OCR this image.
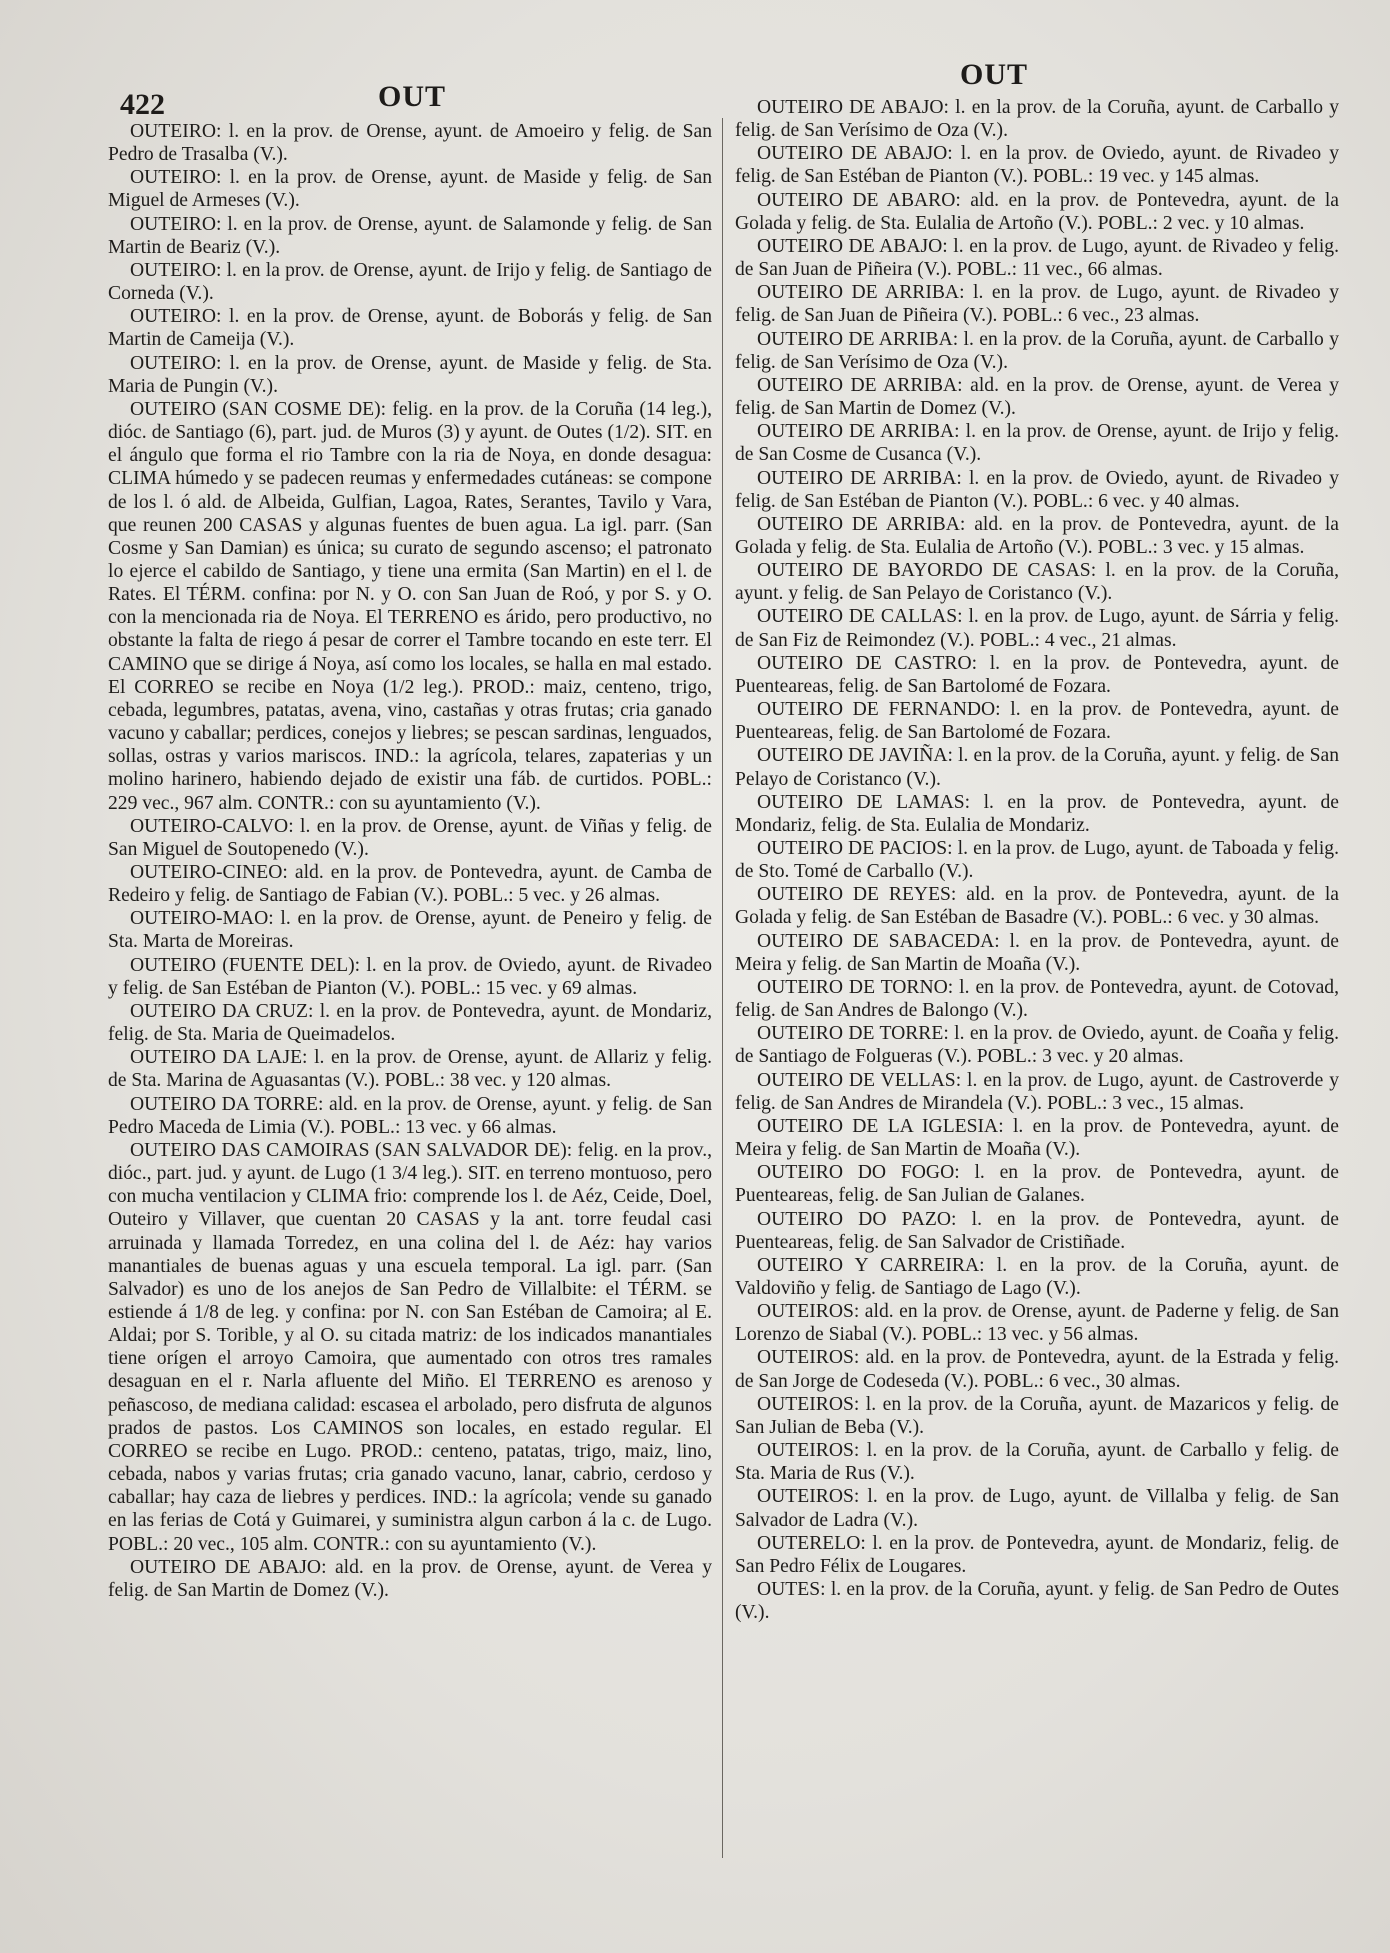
422	OUT
OUT

OUTEIRO: l. en la prov. de Orense, ayunt. de Amoeiro y felig. de San Pedro de Trasalba (V.).

OUTEIRO: l. en la prov. de Orense, ayunt. de Maside y felig. de San Miguel de Armeses (V.).

OUTEIRO: l. en la prov. de Orense, ayunt. de Salamonde y felig. de San Martin de Beariz (V.).

OUTEIRO: l. en la prov. de Orense, ayunt. de Irijo y felig. de Santiago de Corneda (V.).

OUTEIRO: l. en la prov. de Orense, ayunt. de Boborás y felig. de San Martin de Cameija (V.).

OUTEIRO: l. en la prov. de Orense, ayunt. de Maside y felig. de Sta. Maria de Pungin (V.).

OUTEIRO (SAN COSME DE): felig. en la prov. de la Coruña (14 leg.), dióc. de Santiago (6), part. jud. de Muros (3) y ayunt. de Outes (1/2). SIT. en el ángulo que forma el rio Tambre con la ria de Noya, en donde desagua: CLIMA húmedo y se padecen reumas y enfermedades cutáneas: se compone de los l. ó ald. de Albeida, Gulfian, Lagoa, Rates, Serantes, Tavilo y Vara, que reunen 200 CASAS y algunas fuentes de buen agua. La igl. parr. (San Cosme y San Damian) es única; su curato de segundo ascenso; el patronato lo ejerce el cabildo de Santiago, y tiene una ermita (San Martin) en el l. de Rates. El TÉRM. confina: por N. y O. con San Juan de Roó, y por S. y O. con la mencionada ria de Noya. El TERRENO es árido, pero productivo, no obstante la falta de riego á pesar de correr el Tambre tocando en este terr. El CAMINO que se dirige á Noya, así como los locales, se halla en mal estado. El CORREO se recibe en Noya (1/2 leg.). PROD.: maiz, centeno, trigo, cebada, legumbres, patatas, avena, vino, castañas y otras frutas; cria ganado vacuno y caballar; perdices, conejos y liebres; se pescan sardinas, lenguados, sollas, ostras y varios mariscos. IND.: la agrícola, telares, zapaterias y un molino harinero, habiendo dejado de existir una fáb. de curtidos. POBL.: 229 vec., 967 alm. CONTR.: con su ayuntamiento (V.).

OUTEIRO-CALVO: l. en la prov. de Orense, ayunt. de Viñas y felig. de San Miguel de Soutopenedo (V.).

OUTEIRO-CINEO: ald. en la prov. de Pontevedra, ayunt. de Camba de Redeiro y felig. de Santiago de Fabian (V.). POBL.: 5 vec. y 26 almas.

OUTEIRO-MAO: l. en la prov. de Orense, ayunt. de Peneiro y felig. de Sta. Marta de Moreiras.

OUTEIRO (FUENTE DEL): l. en la prov. de Oviedo, ayunt. de Rivadeo y felig. de San Estéban de Pianton (V.). POBL.: 15 vec. y 69 almas.

OUTEIRO DA CRUZ: l. en la prov. de Pontevedra, ayunt. de Mondariz, felig. de Sta. Maria de Queimadelos.

OUTEIRO DA LAJE: l. en la prov. de Orense, ayunt. de Allariz y felig. de Sta. Marina de Aguasantas (V.). POBL.: 38 vec. y 120 almas.

OUTEIRO DA TORRE: ald. en la prov. de Orense, ayunt. y felig. de San Pedro Maceda de Limia (V.). POBL.: 13 vec. y 66 almas.

OUTEIRO DAS CAMOIRAS (SAN SALVADOR DE): felig. en la prov., dióc., part. jud. y ayunt. de Lugo (1 3/4 leg.). SIT. en terreno montuoso, pero con mucha ventilacion y CLIMA frio: comprende los l. de Aéz, Ceide, Doel, Outeiro y Villaver, que cuentan 20 CASAS y la ant. torre feudal casi arruinada y llamada Torredez, en una colina del l. de Aéz: hay varios manantiales de buenas aguas y una escuela temporal. La igl. parr. (San Salvador) es uno de los anejos de San Pedro de Villalbite: el TÉRM. se estiende á 1/8 de leg. y confina: por N. con San Estéban de Camoira; al E. Aldai; por S. Torible, y al O. su citada matriz: de los indicados manantiales tiene orígen el arroyo Camoira, que aumentado con otros tres ramales desaguan en el r. Narla afluente del Miño. El TERRENO es arenoso y peñascoso, de mediana calidad: escasea el arbolado, pero disfruta de algunos prados de pastos. Los CAMINOS son locales, en estado regular. El CORREO se recibe en Lugo. PROD.: centeno, patatas, trigo, maiz, lino, cebada, nabos y varias frutas; cria ganado vacuno, lanar, cabrio, cerdoso y caballar; hay caza de liebres y perdices. IND.: la agrícola; vende su ganado en las ferias de Cotá y Guimarei, y suministra algun carbon á la c. de Lugo. POBL.: 20 vec., 105 alm. CONTR.: con su ayuntamiento (V.).

OUTEIRO DE ABAJO: ald. en la prov. de Orense, ayunt. de Verea y felig. de San Martin de Domez (V.).

OUTEIRO DE ABAJO: l. en la prov. de la Coruña, ayunt. de Carballo y felig. de San Verísimo de Oza (V.).

OUTEIRO DE ABAJO: l. en la prov. de Oviedo, ayunt. de Rivadeo y felig. de San Estéban de Pianton (V.). POBL.: 19 vec. y 145 almas.

OUTEIRO DE ABARO: ald. en la prov. de Pontevedra, ayunt. de la Golada y felig. de Sta. Eulalia de Artoño (V.). POBL.: 2 vec. y 10 almas.

OUTEIRO DE ABAJO: l. en la prov. de Lugo, ayunt. de Rivadeo y felig. de San Juan de Piñeira (V.). POBL.: 11 vec., 66 almas.

OUTEIRO DE ARRIBA: l. en la prov. de Lugo, ayunt. de Rivadeo y felig. de San Juan de Piñeira (V.). POBL.: 6 vec., 23 almas.

OUTEIRO DE ARRIBA: l. en la prov. de la Coruña, ayunt. de Carballo y felig. de San Verísimo de Oza (V.).

OUTEIRO DE ARRIBA: ald. en la prov. de Orense, ayunt. de Verea y felig. de San Martin de Domez (V.).

OUTEIRO DE ARRIBA: l. en la prov. de Orense, ayunt. de Irijo y felig. de San Cosme de Cusanca (V.).

OUTEIRO DE ARRIBA: l. en la prov. de Oviedo, ayunt. de Rivadeo y felig. de San Estéban de Pianton (V.). POBL.: 6 vec. y 40 almas.

OUTEIRO DE ARRIBA: ald. en la prov. de Pontevedra, ayunt. de la Golada y felig. de Sta. Eulalia de Artoño (V.). POBL.: 3 vec. y 15 almas.

OUTEIRO DE BAYORDO DE CASAS: l. en la prov. de la Coruña, ayunt. y felig. de San Pelayo de Coristanco (V.).

OUTEIRO DE CALLAS: l. en la prov. de Lugo, ayunt. de Sárria y felig. de San Fiz de Reimondez (V.). POBL.: 4 vec., 21 almas.

OUTEIRO DE CASTRO: l. en la prov. de Pontevedra, ayunt. de Puenteareas, felig. de San Bartolomé de Fozara.

OUTEIRO DE FERNANDO: l. en la prov. de Pontevedra, ayunt. de Puenteareas, felig. de San Bartolomé de Fozara.

OUTEIRO DE JAVIÑA: l. en la prov. de la Coruña, ayunt. y felig. de San Pelayo de Coristanco (V.).

OUTEIRO DE LAMAS: l. en la prov. de Pontevedra, ayunt. de Mondariz, felig. de Sta. Eulalia de Mondariz.

OUTEIRO DE PACIOS: l. en la prov. de Lugo, ayunt. de Taboada y felig. de Sto. Tomé de Carballo (V.).

OUTEIRO DE REYES: ald. en la prov. de Pontevedra, ayunt. de la Golada y felig. de San Estéban de Basadre (V.). POBL.: 6 vec. y 30 almas.

OUTEIRO DE SABACEDA: l. en la prov. de Pontevedra, ayunt. de Meira y felig. de San Martin de Moaña (V.).

OUTEIRO DE TORNO: l. en la prov. de Pontevedra, ayunt. de Cotovad, felig. de San Andres de Balongo (V.).

OUTEIRO DE TORRE: l. en la prov. de Oviedo, ayunt. de Coaña y felig. de Santiago de Folgueras (V.). POBL.: 3 vec. y 20 almas.

OUTEIRO DE VELLAS: l. en la prov. de Lugo, ayunt. de Castroverde y felig. de San Andres de Mirandela (V.). POBL.: 3 vec., 15 almas.

OUTEIRO DE LA IGLESIA: l. en la prov. de Pontevedra, ayunt. de Meira y felig. de San Martin de Moaña (V.).

OUTEIRO DO FOGO: l. en la prov. de Pontevedra, ayunt. de Puenteareas, felig. de San Julian de Galanes.

OUTEIRO DO PAZO: l. en la prov. de Pontevedra, ayunt. de Puenteareas, felig. de San Salvador de Cristiñade.

OUTEIRO Y CARREIRA: l. en la prov. de la Coruña, ayunt. de Valdoviño y felig. de Santiago de Lago (V.).

OUTEIROS: ald. en la prov. de Orense, ayunt. de Paderne y felig. de San Lorenzo de Siabal (V.). POBL.: 13 vec. y 56 almas.

OUTEIROS: ald. en la prov. de Pontevedra, ayunt. de la Estrada y felig. de San Jorge de Codeseda (V.). POBL.: 6 vec., 30 almas.

OUTEIROS: l. en la prov. de la Coruña, ayunt. de Mazaricos y felig. de San Julian de Beba (V.).

OUTEIROS: l. en la prov. de la Coruña, ayunt. de Carballo y felig. de Sta. Maria de Rus (V.).

OUTEIROS: l. en la prov. de Lugo, ayunt. de Villalba y felig. de San Salvador de Ladra (V.).

OUTERELO: l. en la prov. de Pontevedra, ayunt. de Mondariz, felig. de San Pedro Félix de Lougares.

OUTES: l. en la prov. de la Coruña, ayunt. y felig. de San Pedro de Outes (V.).
